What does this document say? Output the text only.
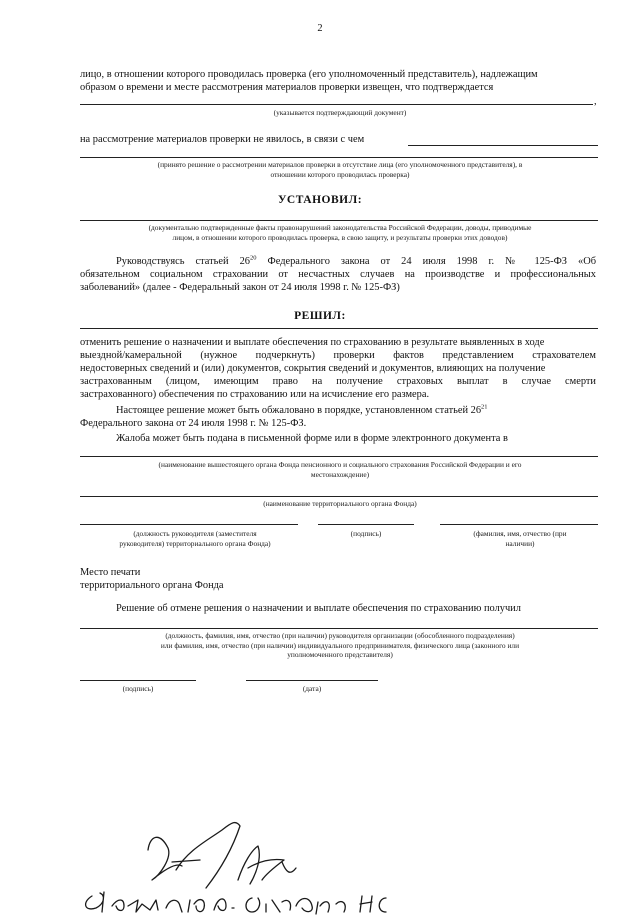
2
лицо, в отношении которого проводилась проверка (его уполномоченный представитель), надлежащим
образом о времени и месте рассмотрения материалов проверки извещен, что подтверждается
,
(указывается подтверждающий документ)
на рассмотрение материалов проверки не явилось, в связи с чем
(принято решение о рассмотрении материалов проверки в отсутствие лица (его уполномоченного представителя), в
отношении которого проводилась проверка)
УСТАНОВИЛ:
(документально подтвержденные факты правонарушений законодательства Российской Федерации, доводы, приводимые
лицом, в отношении которого проводилась проверка, в свою защиту, и результаты проверки этих доводов)
Руководствуясь статьей $26^{20}$ Федерального закона от 24 июля 1998 г. № 125-ФЗ «Об
обязательном социальном страховании от несчастных случаев на производстве и профессиональных
заболеваний» (далее - Федеральный закон от 24 июля 1998 г. № 125-ФЗ)
РЕШИЛ:
отменить решение о назначении и выплате обеспечения по страхованию в результате выявленных в ходе
выездной/камеральной (нужное подчеркнуть) проверки фактов представлением страхователем
недостоверных сведений и (или) документов, сокрытия сведений и документов, влияющих на получение
застрахованным (лицом, имеющим право на получение страховых выплат в случае смерти
застрахованного) обеспечения по страхованию или на исчисление его размера.
Настоящее решение может быть обжаловано в порядке, установленном статьей $26^{21}$
Федерального закона от 24 июля 1998 г. № 125-ФЗ.
Жалоба может быть подана в письменной форме или в форме электронного документа в
(наименование вышестоящего органа Фонда пенсионного и социального страхования Российской Федерации и его
местонахождение)
(наименование территориального органа Фонда)
(должность руководителя (заместителя
руководителя) территориального органа Фонда)
(подпись)	(фамилия, имя, отчество (при
наличии)
Место печати
территориального органа Фонда
Решение об отмене решения о назначении и выплате обеспечения по страхованию получил
(должность, фамилия, имя, отчество (при наличии) руководителя организации (обособленного подразделения)
или фамилия, имя, отчество (при наличии) индивидуального предпринимателя, физического лица (законного или
уполномоченного представителя)
(подпись)	(дата)
